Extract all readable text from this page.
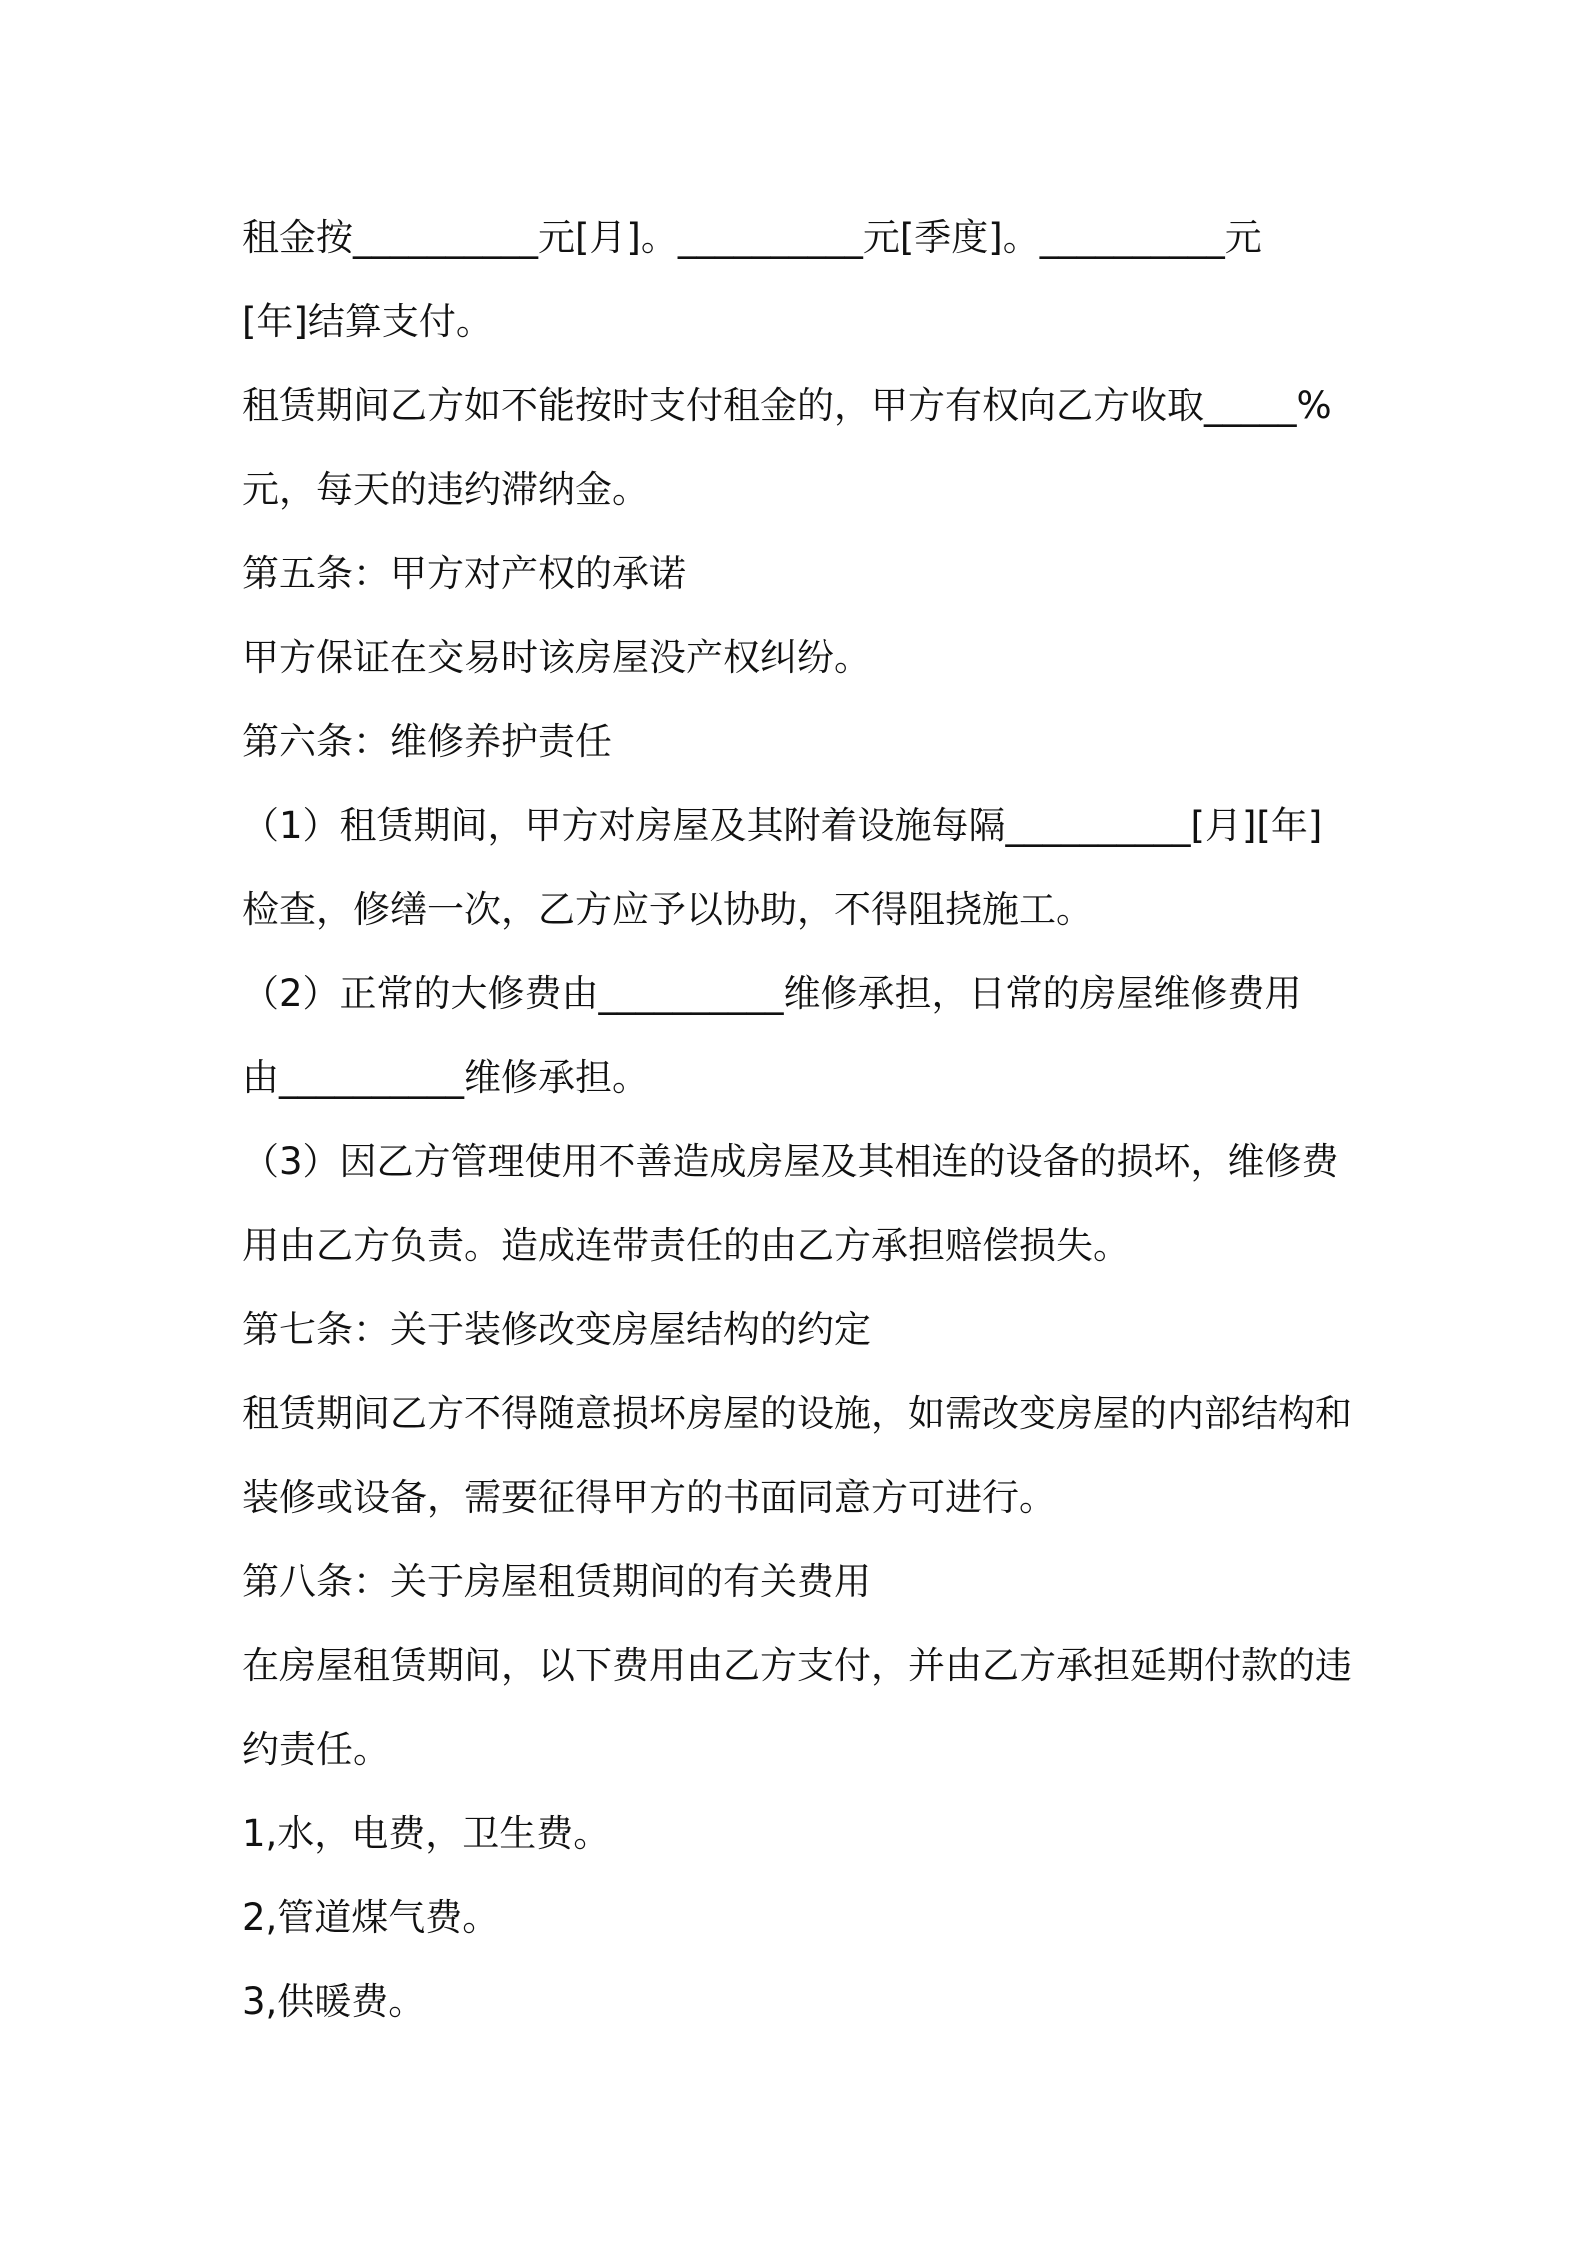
租金按__________元[月]。__________元[季度]。__________元
[年]结算支付。
租赁期间乙方如不能按时支付租金的，甲方有权向乙方收取_____%
元，每天的违约滞纳金。
第五条：甲方对产权的承诺
甲方保证在交易时该房屋没产权纠纷。
第六条：维修养护责任
（1）租赁期间，甲方对房屋及其附着设施每隔__________[月][年]
检查，修缮一次，乙方应予以协助，不得阻挠施工。
（2）正常的大修费由__________维修承担，日常的房屋维修费用
由__________维修承担。
（3）因乙方管理使用不善造成房屋及其相连的设备的损坏，维修费
用由乙方负责。造成连带责任的由乙方承担赔偿损失。
第七条：关于装修改变房屋结构的约定
租赁期间乙方不得随意损坏房屋的设施，如需改变房屋的内部结构和
装修或设备，需要征得甲方的书面同意方可进行。
第八条：关于房屋租赁期间的有关费用
在房屋租赁期间，以下费用由乙方支付，并由乙方承担延期付款的违
约责任。
1,水，电费，卫生费。
2,管道煤气费。
3,供暖费。
